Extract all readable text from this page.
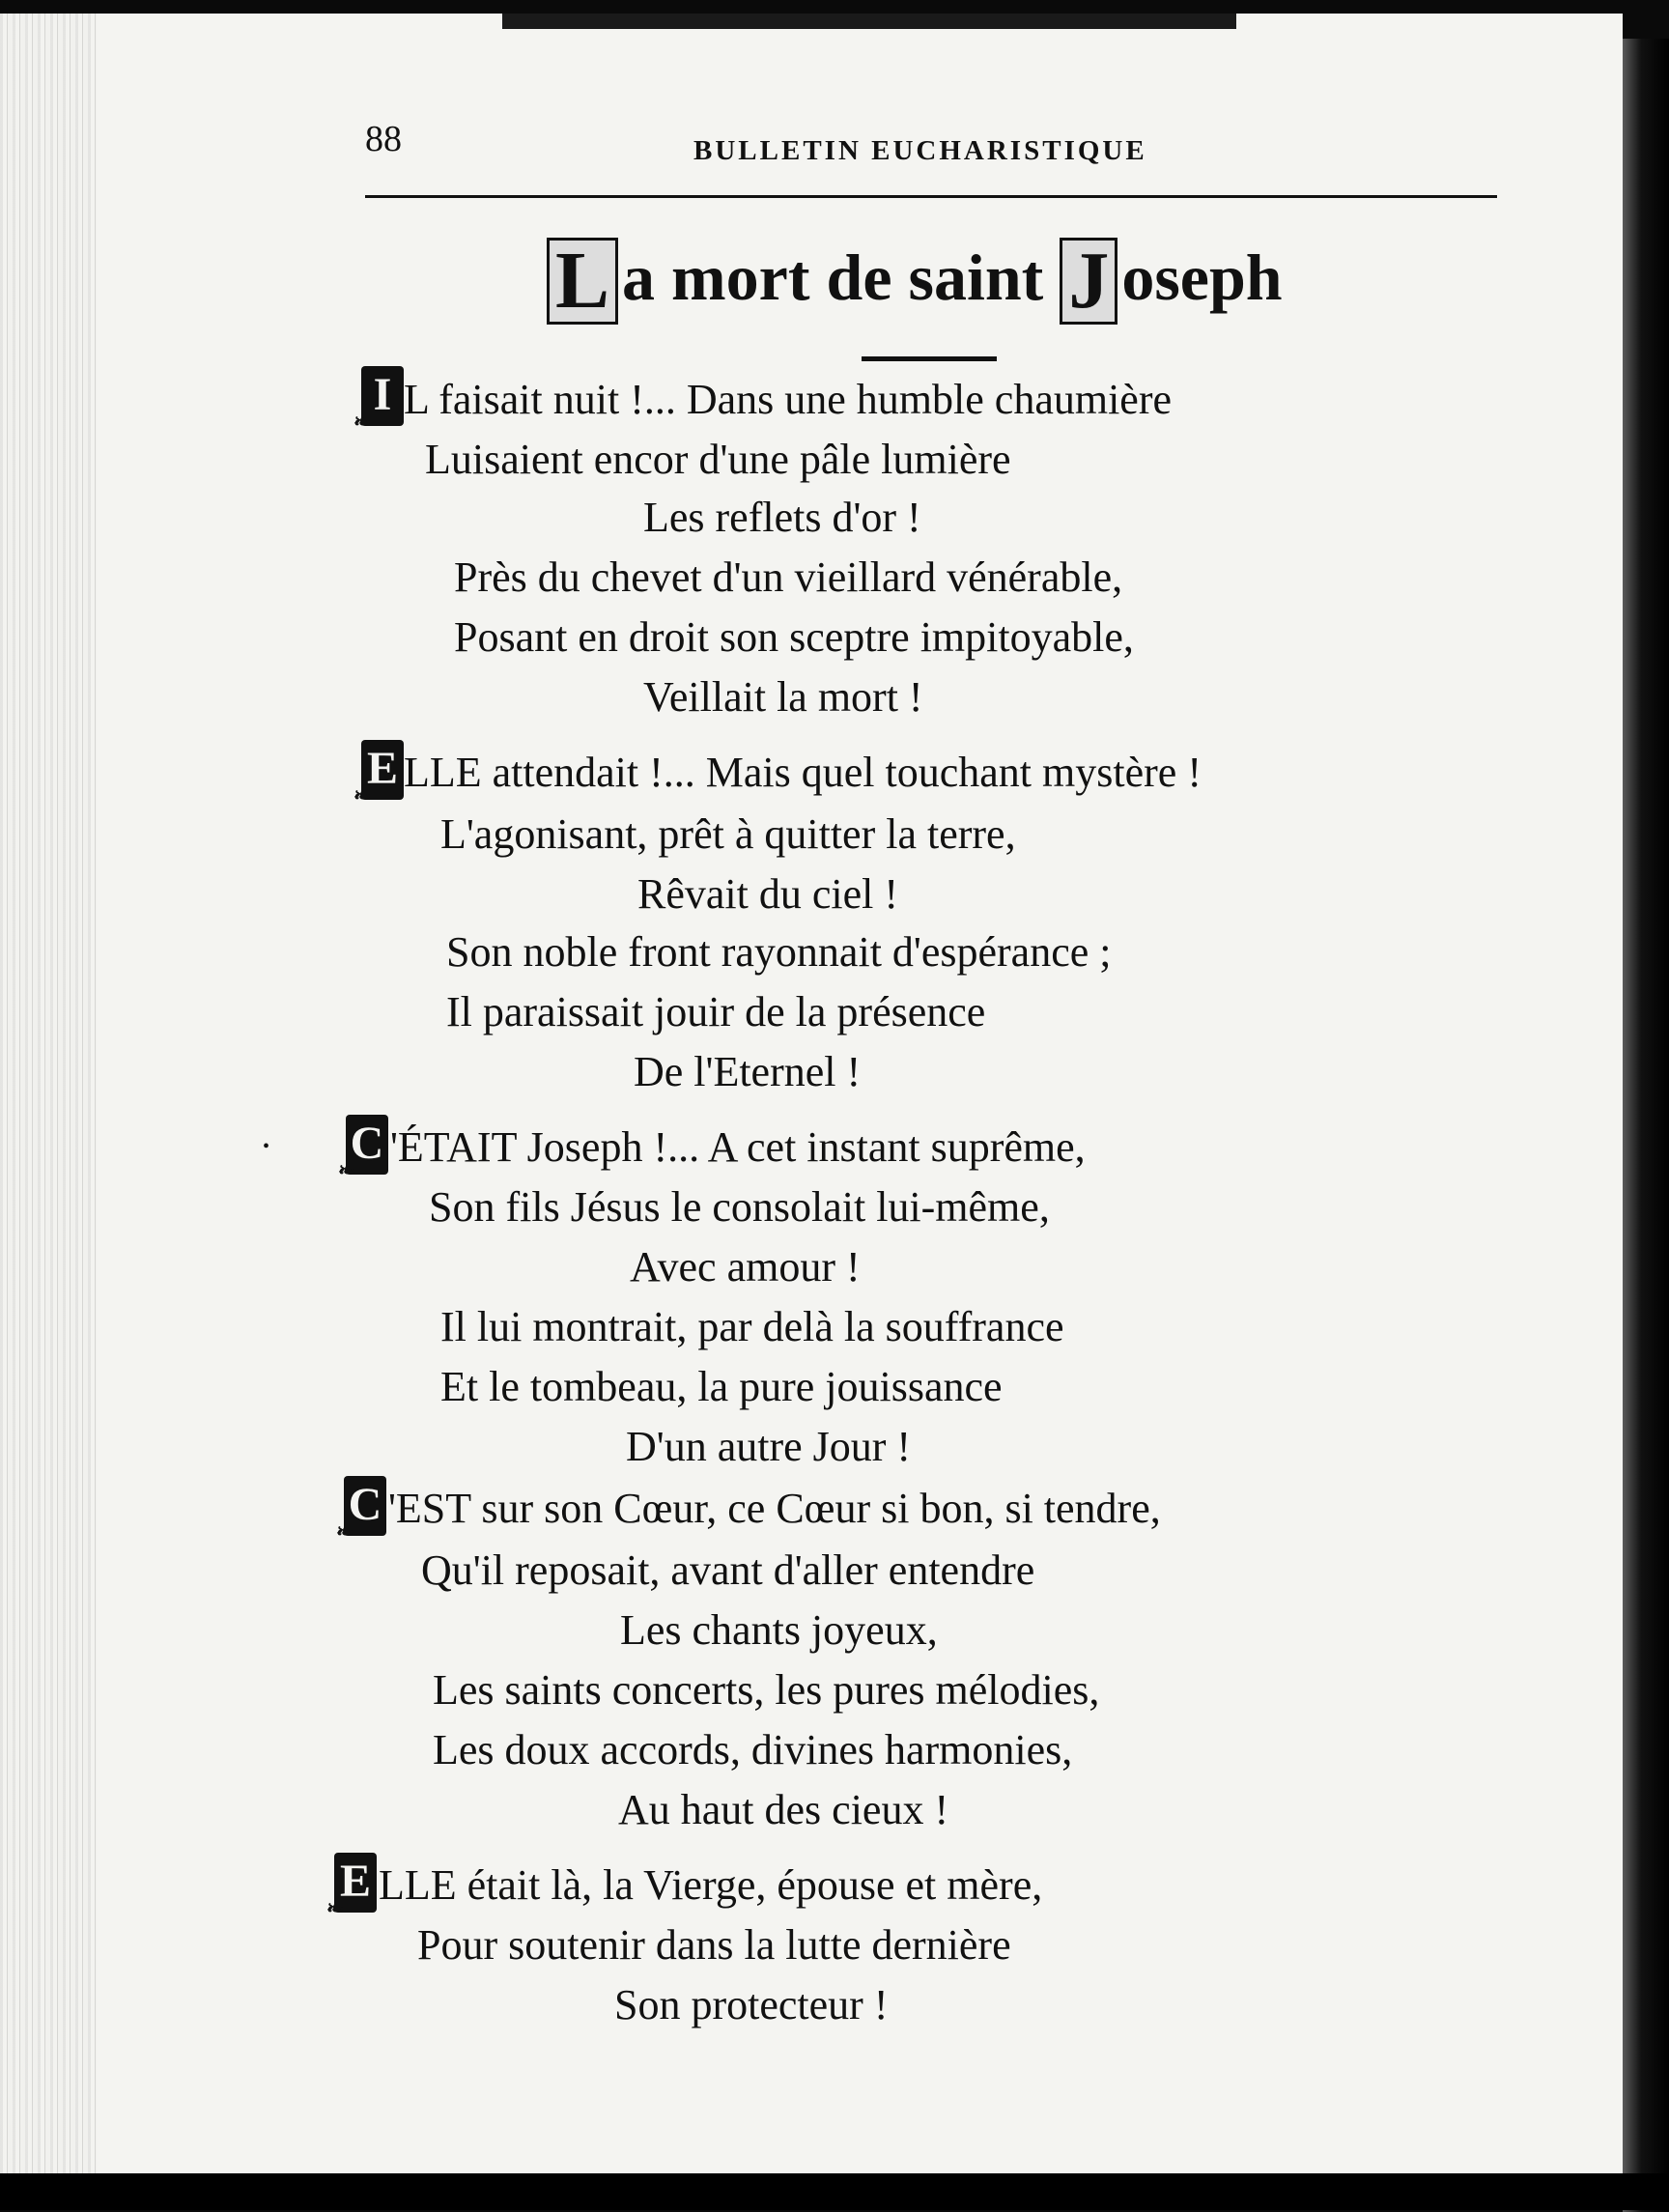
88	BULLETIN EUCHARISTIQUE
L a mort de saint J oseph
I ❧ L faisait nuit !... Dans une humble chaumière
Luisaient encor d'une pâle lumière
Les reflets d'or !
Près du chevet d'un vieillard vénérable,
Posant en droit son sceptre impitoyable,
Veillait la mort !
E ❧ LLE attendait !... Mais quel touchant mystère !
L'agonisant, prêt à quitter la terre,
Rêvait du ciel !
Son noble front rayonnait d'espérance ;
Il paraissait jouir de la présence
De l'Eternel !
C ❧ 'ÉTAIT Joseph !... A cet instant suprême,
Son fils Jésus le consolait lui-même,
Avec amour !
Il lui montrait, par delà la souffrance
Et le tombeau, la pure jouissance
D'un autre Jour !
C ❧ 'EST sur son Cœur, ce Cœur si bon, si tendre,
Qu'il reposait, avant d'aller entendre
Les chants joyeux,
Les saints concerts, les pures mélodies,
Les doux accords, divines harmonies,
Au haut des cieux !
E ❧ LLE était là, la Vierge, épouse et mère,
Pour soutenir dans la lutte dernière
Son protecteur !
•
